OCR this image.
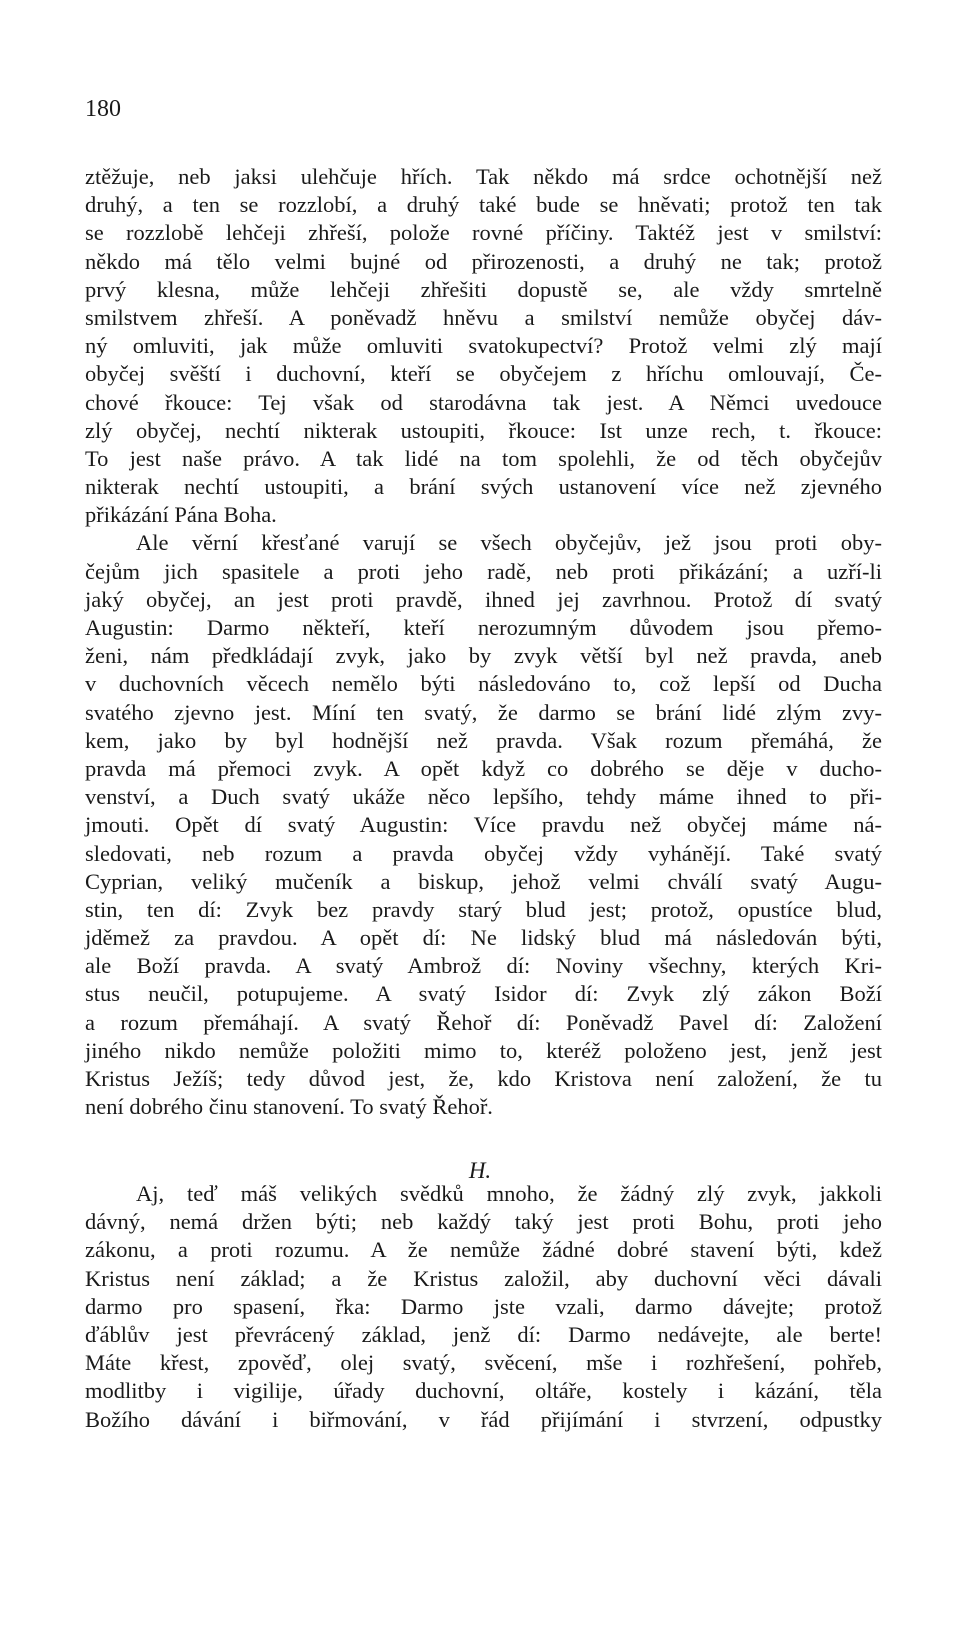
180
ztěžuje, neb jaksi ulehčuje hřích. Tak někdo má srdce ochotnější než
druhý, a ten se rozzlobí, a druhý také bude se hněvati; protož ten tak
se rozzlobě lehčeji zhřeší, polože rovné příčiny. Taktéž jest v smilství:
někdo má tělo velmi bujné od přirozenosti, a druhý ne tak; protož
prvý klesna, může lehčeji zhřešiti dopustě se, ale vždy smrtelně
smilstvem zhřeší. A poněvadž hněvu a smilství nemůže obyčej dáv-
ný omluviti, jak může omluviti svatokupectví? Protož velmi zlý mají
obyčej svěští i duchovní, kteří se obyčejem z hříchu omlouvají, Če-
chové řkouce: Tej však od starodávna tak jest. A Němci uvedouce
zlý obyčej, nechtí nikterak ustoupiti, řkouce: Ist unze rech, t. řkouce:
To jest naše právo. A tak lidé na tom spolehli, že od těch obyčejův
nikterak nechtí ustoupiti, a brání svých ustanovení více než zjevného
přikázání Pána Boha.
Ale věrní křesťané varují se všech obyčejův, jež jsou proti oby-
čejům jich spasitele a proti jeho radě, neb proti přikázání; a uzří-li
jaký obyčej, an jest proti pravdě, ihned jej zavrhnou. Protož dí svatý
Augustin: Darmo někteří, kteří nerozumným důvodem jsou přemo-
ženi, nám předkládají zvyk, jako by zvyk větší byl než pravda, aneb
v duchovních věcech nemělo býti následováno to, což lepší od Ducha
svatého zjevno jest. Míní ten svatý, že darmo se brání lidé zlým zvy-
kem, jako by byl hodnější než pravda. Však rozum přemáhá, že
pravda má přemoci zvyk. A opět když co dobrého se děje v ducho-
venství, a Duch svatý ukáže něco lepšího, tehdy máme ihned to při-
jmouti. Opět dí svatý Augustin: Více pravdu než obyčej máme ná-
sledovati, neb rozum a pravda obyčej vždy vyhánějí. Také svatý
Cyprian, veliký mučeník a biskup, jehož velmi chválí svatý Augu-
stin, ten dí: Zvyk bez pravdy starý blud jest; protož, opustíce blud,
jděmež za pravdou. A opět dí: Ne lidský blud má následován býti,
ale Boží pravda. A svatý Ambrož dí: Noviny všechny, kterých Kri-
stus neučil, potupujeme. A svatý Isidor dí: Zvyk zlý zákon Boží
a rozum přemáhají. A svatý Řehoř dí: Poněvadž Pavel dí: Založení
jiného nikdo nemůže položiti mimo to, kteréž položeno jest, jenž jest
Kristus Ježíš; tedy důvod jest, že, kdo Kristova není založení, že tu
není dobrého činu stanovení. To svatý Řehoř.
H.
Aj, teď máš velikých svědků mnoho, že žádný zlý zvyk, jakkoli
dávný, nemá držen býti; neb každý taký jest proti Bohu, proti jeho
zákonu, a proti rozumu. A že nemůže žádné dobré stavení býti, kdež
Kristus není základ; a že Kristus založil, aby duchovní věci dávali
darmo pro spasení, řka: Darmo jste vzali, darmo dávejte; protož
ďáblův jest převrácený základ, jenž dí: Darmo nedávejte, ale berte!
Máte křest, zpověď, olej svatý, svěcení, mše i rozhřešení, pohřeb,
modlitby i vigilije, úřady duchovní, oltáře, kostely i kázání, těla
Božího dávání i biřmování, v řád přijímání i stvrzení, odpustky
